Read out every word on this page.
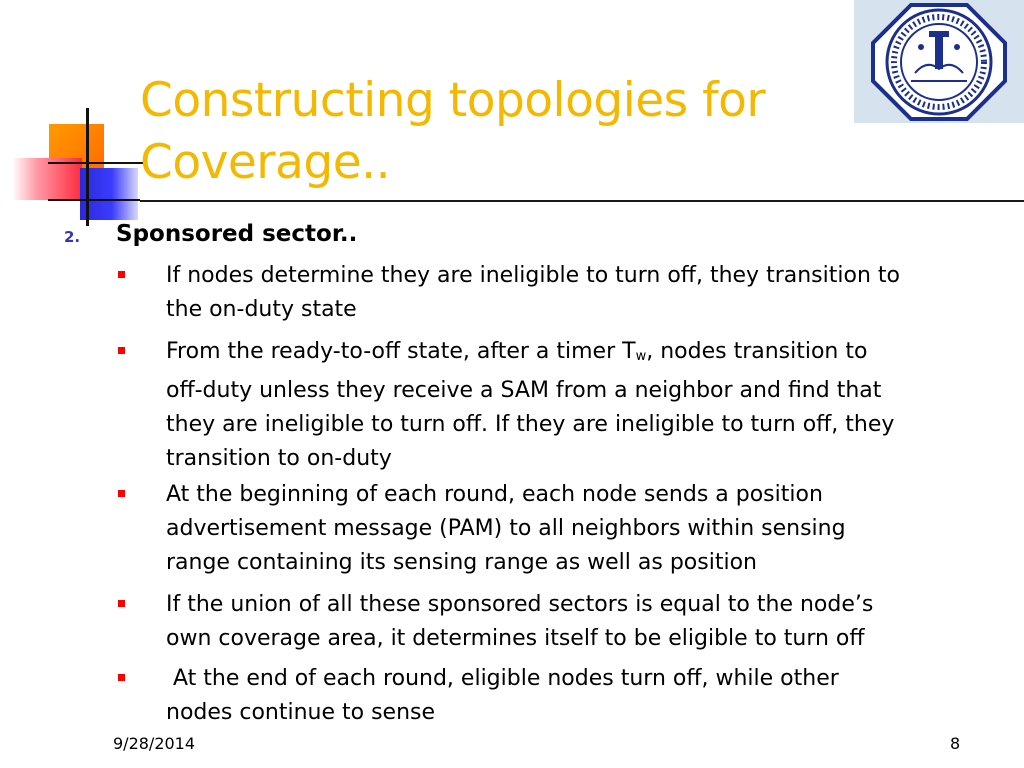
Constructing topologies for
Coverage..
2. Sponsored sector..
If nodes determine they are ineligible to turn off, they transition to
the on-duty state
From the ready-to-off state, after a timer $T_w$, nodes transition to
off-duty unless they receive a SAM from a neighbor and find that
they are ineligible to turn off. If they are ineligible to turn off, they
transition to on-duty
At the beginning of each round, each node sends a position
advertisement message (PAM) to all neighbors within sensing
range containing its sensing range as well as position
If the union of all these sponsored sectors is equal to the node’s
own coverage area, it determines itself to be eligible to turn off
At the end of each round, eligible nodes turn off, while other
nodes continue to sense
9/28/2014	8
